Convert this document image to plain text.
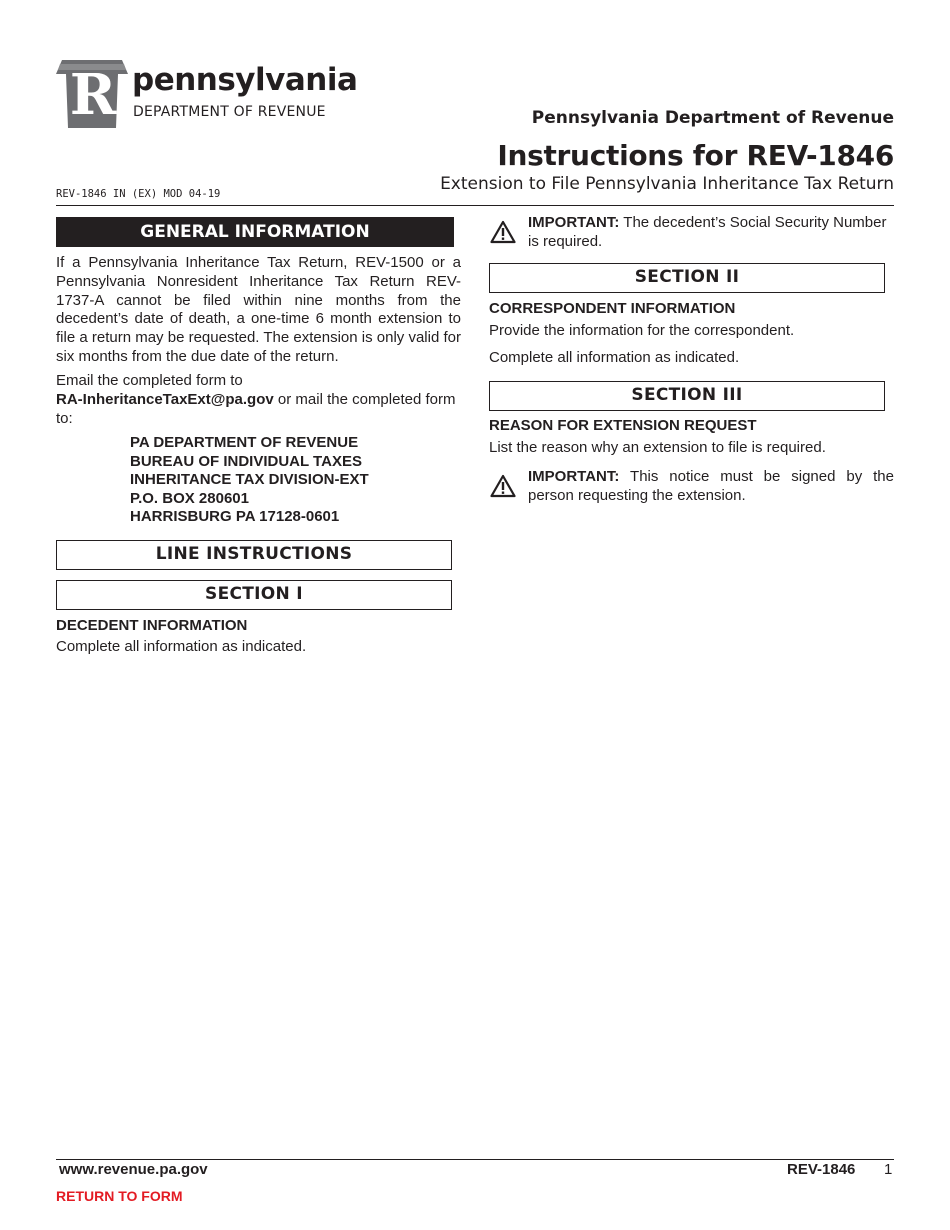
R pennsylvania
DEPARTMENT OF REVENUE	Pennsylvania Department of Revenue
Instructions for REV-1846
Extension to File Pennsylvania Inheritance Tax Return
REV-1846 IN (EX) MOD 04-19
GENERAL INFORMATION
If a Pennsylvania Inheritance Tax Return, REV-1500 or a Pennsylvania Nonresident Inheritance Tax Return REV-1737-A cannot be filed within nine months from the decedent’s date of death, a one-time 6 month extension to file a return may be requested. The extension is only valid for six months from the due date of the return.
Email the completed form to
RA-InheritanceTaxExt@pa.gov or mail the completed form to:
PA DEPARTMENT OF REVENUE
BUREAU OF INDIVIDUAL TAXES
INHERITANCE TAX DIVISION-EXT
P.O. BOX 280601
HARRISBURG PA 17128-0601
LINE INSTRUCTIONS
SECTION I
DECEDENT INFORMATION
Complete all information as indicated.
IMPORTANT: The decedent’s Social Security Number is required.
SECTION II
CORRESPONDENT INFORMATION
Provide the information for the correspondent.
Complete all information as indicated.
SECTION III
REASON FOR EXTENSION REQUEST
List the reason why an extension to file is required.
IMPORTANT: This notice must be signed by the person requesting the extension.
www.revenue.pa.gov	REV-1846 1
RETURN TO FORM
